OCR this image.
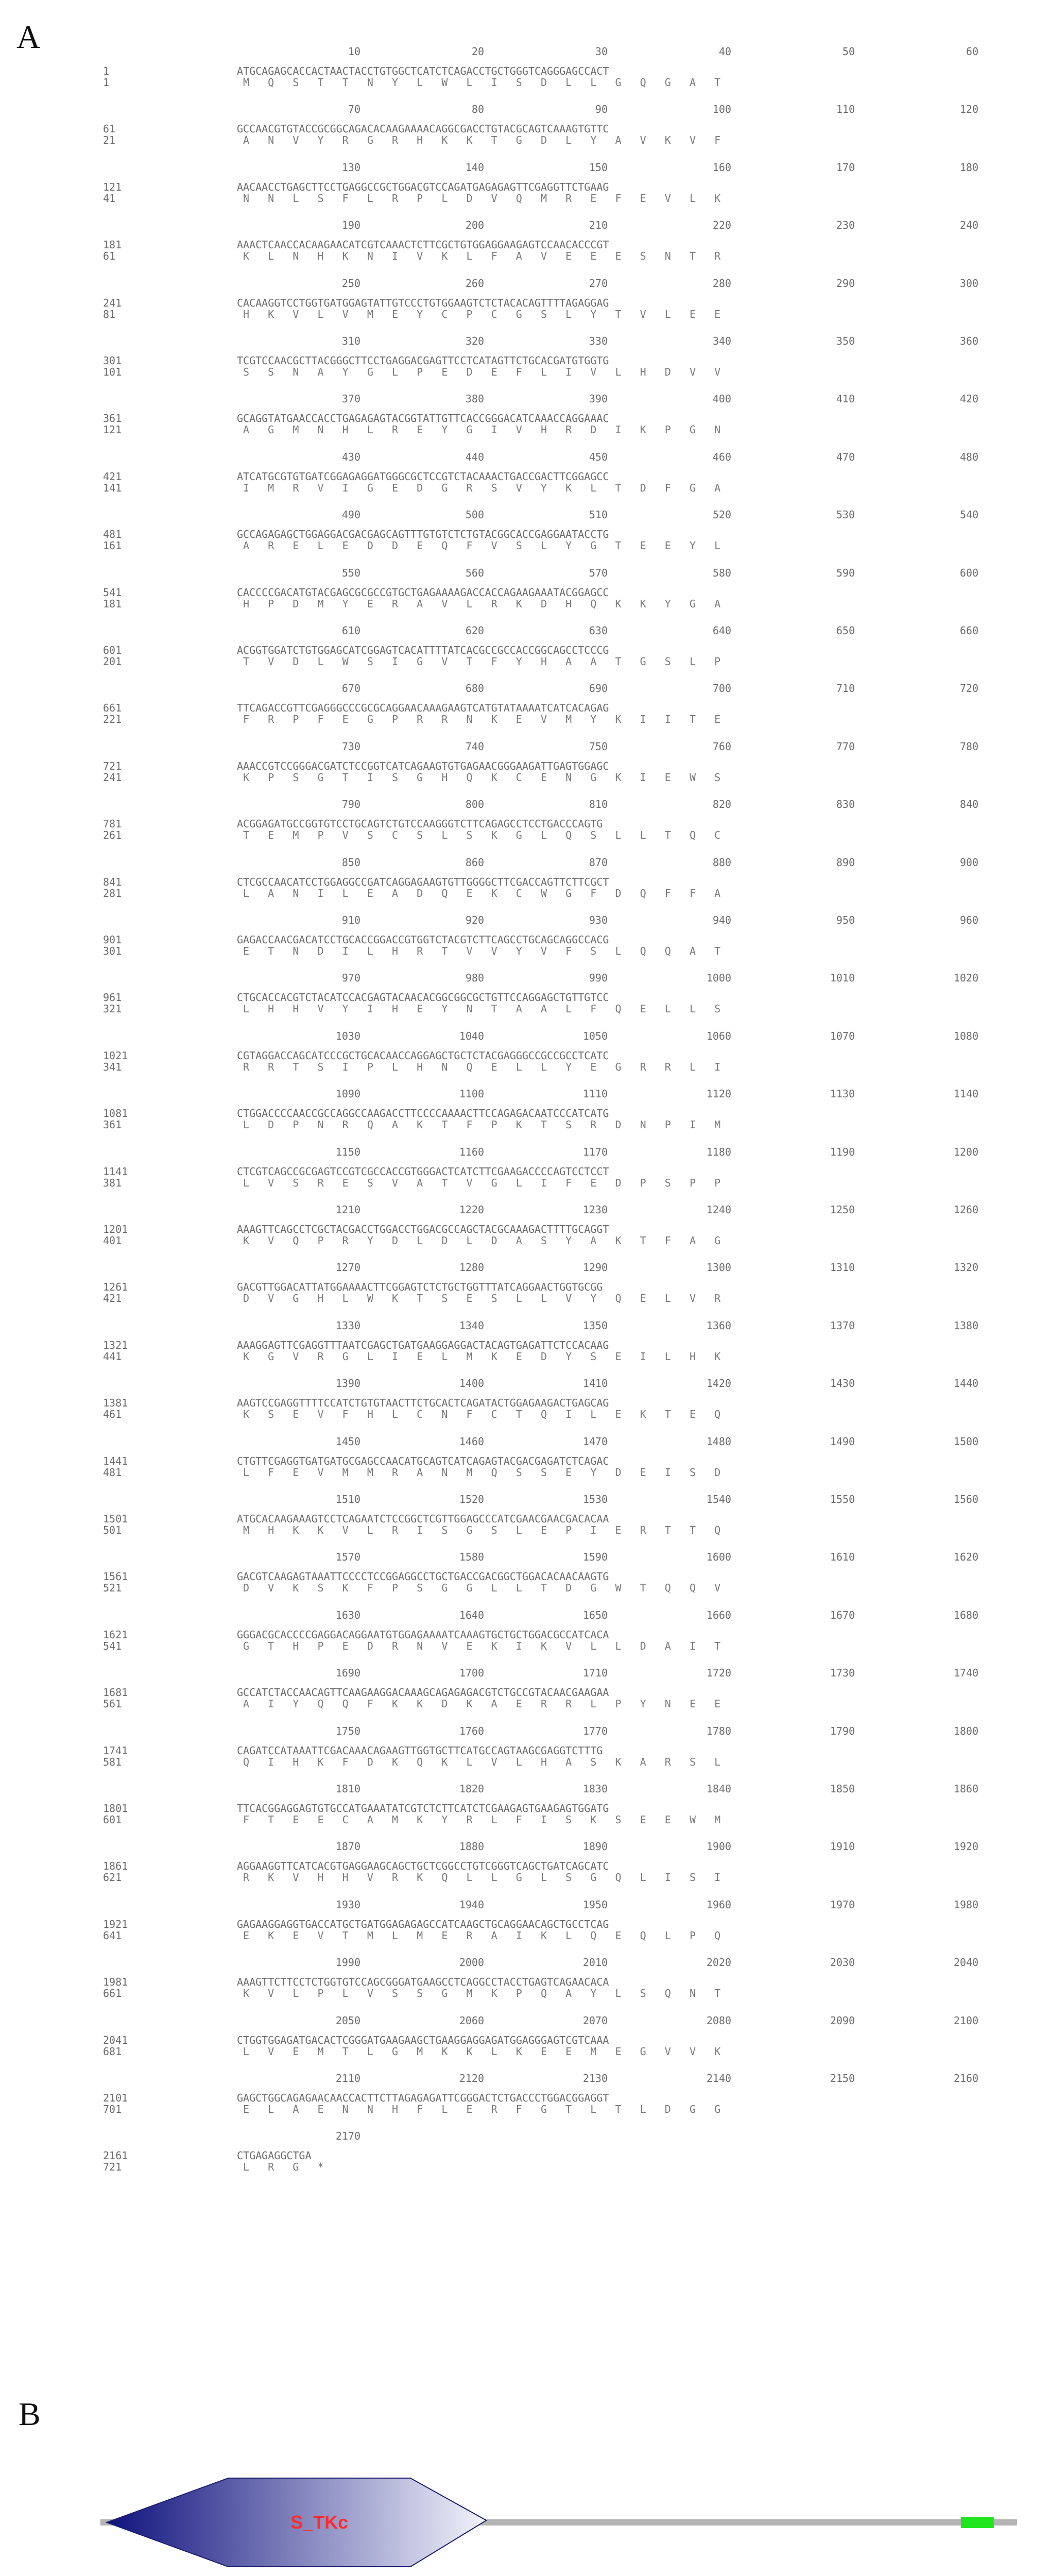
A	10	20	30	40	50	60
1	ATGCAGAGCACCACTAACTACCTGTGGCTCATCTCAGACCTGCTGGGTCAGGGAGCCACT
1	M   Q   S   T   T   N   Y   L   W   L   I   S   D   L   L   G   Q   G   A   T
70	80	90	100	110	120
61	GCCAACGTGTACCGCGGCAGACACAAGAAAACAGGCGACCTGTACGCAGTCAAAGTGTTC
21	A   N   V   Y   R   G   R   H   K   K   T   G   D   L   Y   A   V   K   V   F
130	140	150	160	170	180
121	AACAACCTGAGCTTCCTGAGGCCGCTGGACGTCCAGATGAGAGAGTTCGAGGTTCTGAAG
41	N   N   L   S   F   L   R   P   L   D   V   Q   M   R   E   F   E   V   L   K
190	200	210	220	230	240
181	AAACTCAACCACAAGAACATCGTCAAACTCTTCGCTGTGGAGGAAGAGTCCAACACCCGT
61	K   L   N   H   K   N   I   V   K   L   F   A   V   E   E   E   S   N   T   R
250	260	270	280	290	300
241	CACAAGGTCCTGGTGATGGAGTATTGTCCCTGTGGAAGTCTCTACACAGTTTTAGAGGAG
81	H   K   V   L   V   M   E   Y   C   P   C   G   S   L   Y   T   V   L   E   E
310	320	330	340	350	360
301	TCGTCCAACGCTTACGGGCTTCCTGAGGACGAGTTCCTCATAGTTCTGCACGATGTGGTG
101	S   S   N   A   Y   G   L   P   E   D   E   F   L   I   V   L   H   D   V   V
370	380	390	400	410	420
361	GCAGGTATGAACCACCTGAGAGAGTACGGTATTGTTCACCGGGACATCAAACCAGGAAAC
121	A   G   M   N   H   L   R   E   Y   G   I   V   H   R   D   I   K   P   G   N
430	440	450	460	470	480
421	ATCATGCGTGTGATCGGAGAGGATGGGCGCTCCGTCTACAAACTGACCGACTTCGGAGCC
141	I   M   R   V   I   G   E   D   G   R   S   V   Y   K   L   T   D   F   G   A
490	500	510	520	530	540
481	GCCAGAGAGCTGGAGGACGACGAGCAGTTTGTGTCTCTGTACGGCACCGAGGAATACCTG
161	A   R   E   L   E   D   D   E   Q   F   V   S   L   Y   G   T   E   E   Y   L
550	560	570	580	590	600
541	CACCCCGACATGTACGAGCGCGCCGTGCTGAGAAAAGACCACCAGAAGAAATACGGAGCC
181	H   P   D   M   Y   E   R   A   V   L   R   K   D   H   Q   K   K   Y   G   A
610	620	630	640	650	660
601	ACGGTGGATCTGTGGAGCATCGGAGTCACATTTTATCACGCCGCCACCGGCAGCCTCCCG
201	T   V   D   L   W   S   I   G   V   T   F   Y   H   A   A   T   G   S   L   P
670	680	690	700	710	720
661	TTCAGACCGTTCGAGGGCCCGCGCAGGAACAAAGAAGTCATGTATAAAATCATCACAGAG
221	F   R   P   F   E   G   P   R   R   N   K   E   V   M   Y   K   I   I   T   E
730	740	750	760	770	780
721	AAACCGTCCGGGACGATCTCCGGTCATCAGAAGTGTGAGAACGGGAAGATTGAGTGGAGC
241	K   P   S   G   T   I   S   G   H   Q   K   C   E   N   G   K   I   E   W   S
790	800	810	820	830	840
781	ACGGAGATGCCGGTGTCCTGCAGTCTGTCCAAGGGTCTTCAGAGCCTCCTGACCCAGTG
261	T   E   M   P   V   S   C   S   L   S   K   G   L   Q   S   L   L   T   Q   C
850	860	870	880	890	900
841	CTCGCCAACATCCTGGAGGCCGATCAGGAGAAGTGTTGGGGCTTCGACCAGTTCTTCGCT
281	L   A   N   I   L   E   A   D   Q   E   K   C   W   G   F   D   Q   F   F   A
910	920	930	940	950	960
901	GAGACCAACGACATCCTGCACCGGACCGTGGTCTACGTCTTCAGCCTGCAGCAGGCCACG
301	E   T   N   D   I   L   H   R   T   V   V   Y   V   F   S   L   Q   Q   A   T
970	980	990	1000	1010	1020
961	CTGCACCACGTCTACATCCACGAGTACAACACGGCGGCGCTGTTCCAGGAGCTGTTGTCC
321	L   H   H   V   Y   I   H   E   Y   N   T   A   A   L   F   Q   E   L   L   S
1030	1040	1050	1060	1070	1080
1021	CGTAGGACCAGCATCCCGCTGCACAACCAGGAGCTGCTCTACGAGGGCCGCCGCCTCATC
341	R   R   T   S   I   P   L   H   N   Q   E   L   L   Y   E   G   R   R   L   I
1090	1100	1110	1120	1130	1140
1081	CTGGACCCCAACCGCCAGGCCAAGACCTTCCCCAAAACTTCCAGAGACAATCCCATCATG
361	L   D   P   N   R   Q   A   K   T   F   P   K   T   S   R   D   N   P   I   M
1150	1160	1170	1180	1190	1200
1141	CTCGTCAGCCGCGAGTCCGTCGCCACCGTGGGACTCATCTTCGAAGACCCCAGTCCTCCT
381	L   V   S   R   E   S   V   A   T   V   G   L   I   F   E   D   P   S   P   P
1210	1220	1230	1240	1250	1260
1201	AAAGTTCAGCCTCGCTACGACCTGGACCTGGACGCCAGCTACGCAAAGACTTTTGCAGGT
401	K   V   Q   P   R   Y   D   L   D   L   D   A   S   Y   A   K   T   F   A   G
1270	1280	1290	1300	1310	1320
1261	GACGTTGGACATTATGGAAAACTTCGGAGTCTCTGCTGGTTTATCAGGAACTGGTGCGG
421	D   V   G   H   L   W   K   T   S   E   S   L   L   V   Y   Q   E   L   V   R
1330	1340	1350	1360	1370	1380
1321	AAAGGAGTTCGAGGTTTAATCGAGCTGATGAAGGAGGACTACAGTGAGATTCTCCACAAG
441	K   G   V   R   G   L   I   E   L   M   K   E   D   Y   S   E   I   L   H   K
1390	1400	1410	1420	1430	1440
1381	AAGTCCGAGGTTTTCCATCTGTGTAACTTCTGCACTCAGATACTGGAGAAGACTGAGCAG
461	K   S   E   V   F   H   L   C   N   F   C   T   Q   I   L   E   K   T   E   Q
1450	1460	1470	1480	1490	1500
1441	CTGTTCGAGGTGATGATGCGAGCCAACATGCAGTCATCAGAGTACGACGAGATCTCAGAC
481	L   F   E   V   M   M   R   A   N   M   Q   S   S   E   Y   D   E   I   S   D
1510	1520	1530	1540	1550	1560
1501	ATGCACAAGAAAGTCCTCAGAATCTCCGGCTCGTTGGAGCCCATCGAACGAACGACACAA
501	M   H   K   K   V   L   R   I   S   G   S   L   E   P   I   E   R   T   T   Q
1570	1580	1590	1600	1610	1620
1561	GACGTCAAGAGTAAATTCCCCTCCGGAGGCCTGCTGACCGACGGCTGGACACAACAAGTG
521	D   V   K   S   K   F   P   S   G   G   L   L   T   D   G   W   T   Q   Q   V
1630	1640	1650	1660	1670	1680
1621	GGGACGCACCCCGAGGACAGGAATGTGGAGAAAATCAAAGTGCTGCTGGACGCCATCACA
541	G   T   H   P   E   D   R   N   V   E   K   I   K   V   L   L   D   A   I   T
1690	1700	1710	1720	1730	1740
1681	GCCATCTACCAACAGTTCAAGAAGGACAAAGCAGAGAGACGTCTGCCGTACAACGAAGAA
561	A   I   Y   Q   Q   F   K   K   D   K   A   E   R   R   L   P   Y   N   E   E
1750	1760	1770	1780	1790	1800
1741	CAGATCCATAAATTCGACAAACAGAAGTTGGTGCTTCATGCCAGTAAGCGAGGTCTTTG
581	Q   I   H   K   F   D   K   Q   K   L   V   L   H   A   S   K   A   R   S   L
1810	1820	1830	1840	1850	1860
1801	TTCACGGAGGAGTGTGCCATGAAATATCGTCTCTTCATCTCGAAGAGTGAAGAGTGGATG
601	F   T   E   E   C   A   M   K   Y   R   L   F   I   S   K   S   E   E   W   M
1870	1880	1890	1900	1910	1920
1861	AGGAAGGTTCATCACGTGAGGAAGCAGCTGCTCGGCCTGTCGGGTCAGCTGATCAGCATC
621	R   K   V   H   H   V   R   K   Q   L   L   G   L   S   G   Q   L   I   S   I
1930	1940	1950	1960	1970	1980
1921	GAGAAGGAGGTGACCATGCTGATGGAGAGAGCCATCAAGCTGCAGGAACAGCTGCCTCAG
641	E   K   E   V   T   M   L   M   E   R   A   I   K   L   Q   E   Q   L   P   Q
1990	2000	2010	2020	2030	2040
1981	AAAGTTCTTCCTCTGGTGTCCAGCGGGATGAAGCCTCAGGCCTACCTGAGTCAGAACACA
661	K   V   L   P   L   V   S   S   G   M   K   P   Q   A   Y   L   S   Q   N   T
2050	2060	2070	2080	2090	2100
2041	CTGGTGGAGATGACACTCGGGATGAAGAAGCTGAAGGAGGAGATGGAGGGAGTCGTCAAA
681	L   V   E   M   T   L   G   M   K   K   L   K   E   E   M   E   G   V   V   K
2110	2120	2130	2140	2150	2160
2101	GAGCTGGCAGAGAACAACCACTTCTTAGAGAGATTCGGGACTCTGACCCTGGACGGAGGT
701	E   L   A   E   N   N   H   F   L   E   R   F   G   T   L   T   L   D   G   G
2170
2161	CTGAGAGGCTGA
721	L   R   G   *
B
S_TKc
